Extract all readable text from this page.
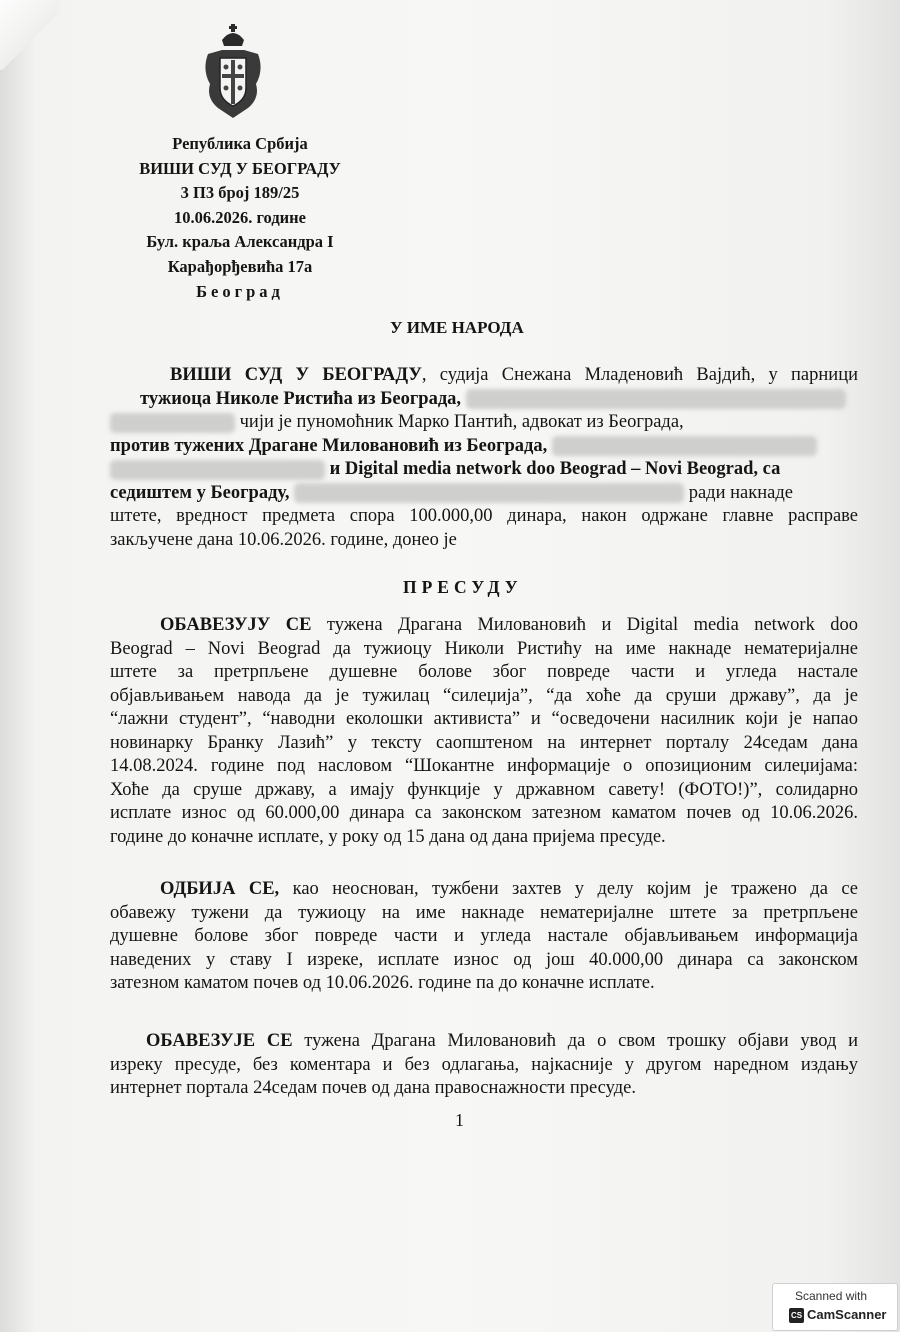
Република Србија
ВИШИ СУД У БЕОГРАДУ
3 П3 број 189/25
10.06.2026. године
Бул. краља Александра I
Карађорђевића 17а
Београд
У ИМЕ НАРОДА
ВИШИ СУД У БЕОГРАДУ, судија Снежана Младеновић Вајдић, у парници
тужиоца Николе Ристића из Београда,
чији је пуномоћник Марко Пантић, адвокат из Београда,
против тужених Драгане Миловановић из Београда,
и Digital media network doo Beograd – Novi Beograd, са
седиштем у Београду,	ради накнаде
штете, вредност предмета спора 100.000,00 динара, након одржане главне расправе
закључене дана 10.06.2026. године, донео је
ПРЕСУДУ
ОБАВЕЗУЈУ СЕ тужена Драгана Миловановић и Digital media network doo
Beograd – Novi Beograd да тужиоцу Николи Ристићу на име накнаде нематеријалне
штете за претрпљене душевне болове због повреде части и угледа настале
објављивањем навода да је тужилац “силеџија”, “да хоће да сруши државу”, да је
“лажни студент”, “наводни еколошки активиста” и “осведочени насилник који је напао
новинарку Бранку Лазић” у тексту саопштеном на интернет порталу 24седам дана
14.08.2024. године под насловом “Шокантне информације о опозиционим силеџијама:
Хоће да сруше државу, а имају функције у државном савету! (ФОТО!)”, солидарно
исплате износ од 60.000,00 динара са законском затезном каматом почев од 10.06.2026.
године до коначне исплате, у року од 15 дана од дана пријема пресуде.
ОДБИЈА СЕ, као неоснован, тужбени захтев у делу којим је тражено да се
обавежу тужени да тужиоцу на име накнаде нематеријалне штете за претрпљене
душевне болове због повреде части и угледа настале објављивањем информација
наведених у ставу I изреке, исплате износ од још 40.000,00 динара са законском
затезном каматом почев од 10.06.2026. године па до коначне исплате.
ОБАВЕЗУЈЕ СЕ тужена Драгана Миловановић да о свом трошку објави увод и
изреку пресуде, без коментара и без одлагања, најкасније у другом наредном издању
интернет портала 24седам почев од дана правоснажности пресуде.
1
Scanned with
CS CamScanner
